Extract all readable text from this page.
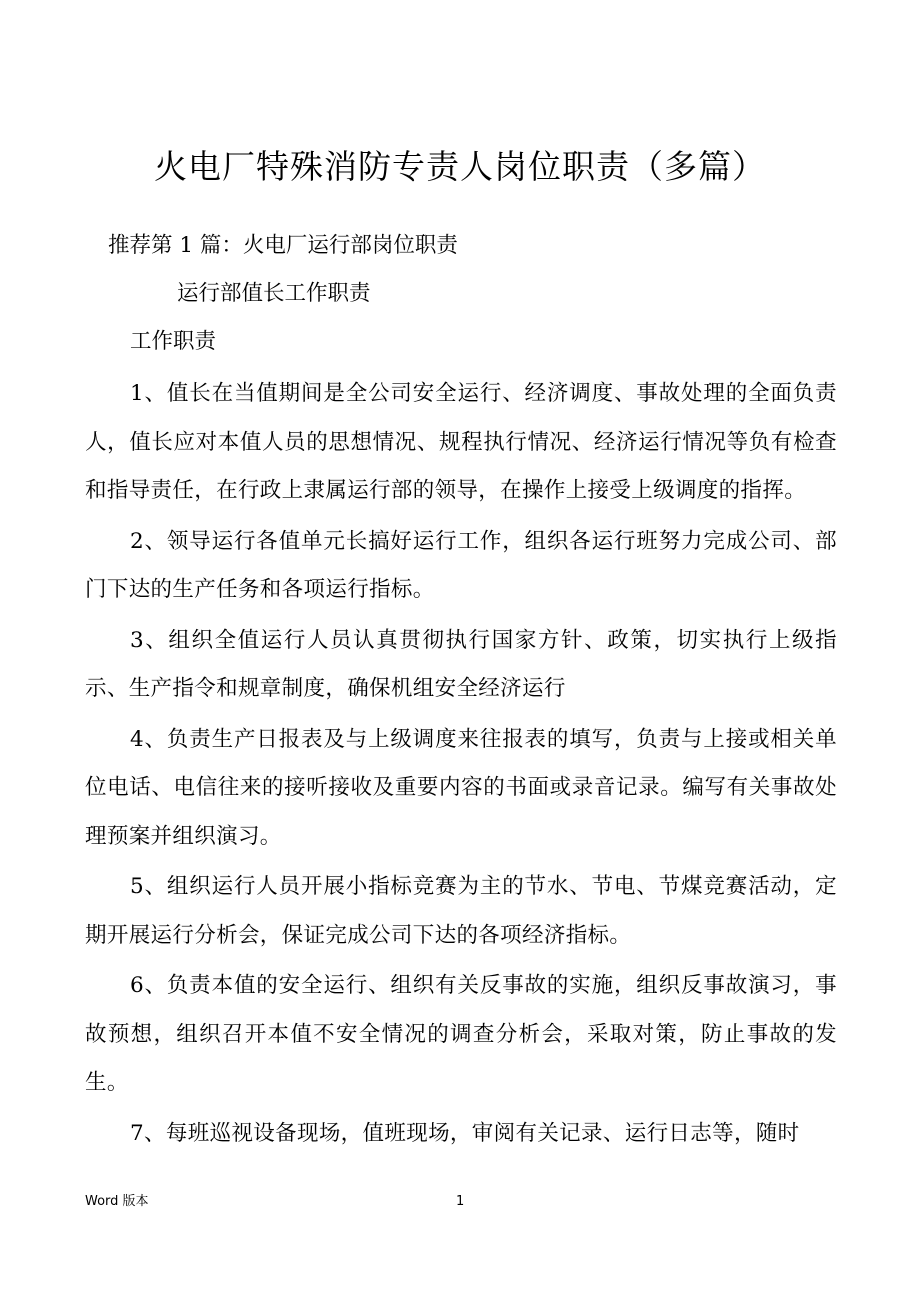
火电厂特殊消防专责人岗位职责（多篇）
推荐第 1 篇：火电厂运行部岗位职责
运行部值长工作职责
工作职责

1、值长在当值期间是全公司安全运行、经济调度、事故处理的全面负责人，值长应对本值人员的思想情况、规程执行情况、经济运行情况等负有检查和指导责任，在行政上隶属运行部的领导，在操作上接受上级调度的指挥。

2、领导运行各值单元长搞好运行工作，组织各运行班努力完成公司、部门下达的生产任务和各项运行指标。

3、组织全值运行人员认真贯彻执行国家方针、政策，切实执行上级指示、生产指令和规章制度，确保机组安全经济运行

4、负责生产日报表及与上级调度来往报表的填写，负责与上接或相关单位电话、电信往来的接听接收及重要内容的书面或录音记录。编写有关事故处理预案并组织演习。

5、组织运行人员开展小指标竞赛为主的节水、节电、节煤竞赛活动，定期开展运行分析会，保证完成公司下达的各项经济指标。

6、负责本值的安全运行、组织有关反事故的实施，组织反事故演习，事故预想，组织召开本值不安全情况的调查分析会，采取对策，防止事故的发生。

7、每班巡视设备现场，值班现场，审阅有关记录、运行日志等，随时

Word 版本	1
